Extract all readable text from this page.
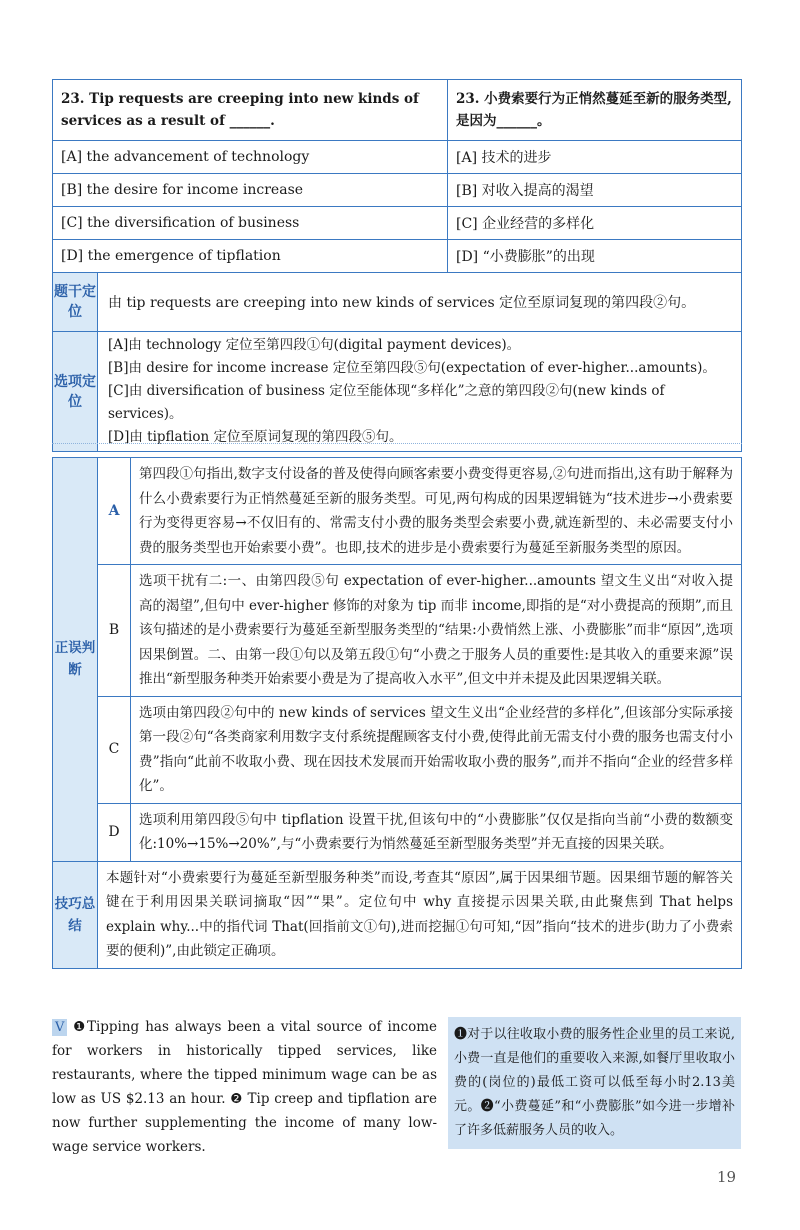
23. Tip requests are creeping into new kinds of services as a result of ______.	23. 小费索要行为正悄然蔓延至新的服务类型,是因为______。
[A] the advancement of technology	[A] 技术的进步
[B] the desire for income increase	[B] 对收入提高的渴望
[C] the diversification of business	[C] 企业经营的多样化
[D] the emergence of tipflation	[D] “小费膨胀”的出现

题干定位	由 tip requests are creeping into new kinds of services 定位至原词复现的第四段②句。

选项定位	
[A]由 technology 定位至第四段①句(digital payment devices)。
[B]由 desire for income increase 定位至第四段⑤句(expectation of ever-higher...amounts)。
[C]由 diversification of business 定位至能体现“多样化”之意的第四段②句(new kinds of services)。
[D]由 tipflation 定位至原词复现的第四段⑤句。
正误判断	A	第四段①句指出,数字支付设备的普及使得向顾客索要小费变得更容易,②句进而指出,这有助于解释为什么小费索要行为正悄然蔓延至新的服务类型。可见,两句构成的因果逻辑链为“技术进步→小费索要行为变得更容易→不仅旧有的、常需支付小费的服务类型会索要小费,就连新型的、未必需要支付小费的服务类型也开始索要小费”。也即,技术的进步是小费索要行为蔓延至新服务类型的原因。
	B	选项干扰有二:一、由第四段⑤句 expectation of ever-higher...amounts 望文生义出“对收入提高的渴望”,但句中 ever-higher 修饰的对象为 tip 而非 income,即指的是“对小费提高的预期”,而且该句描述的是小费索要行为蔓延至新型服务类型的“结果:小费悄然上涨、小费膨胀”而非“原因”,选项因果倒置。二、由第一段①句以及第五段①句“小费之于服务人员的重要性:是其收入的重要来源”误推出“新型服务种类开始索要小费是为了提高收入水平”,但文中并未提及此因果逻辑关联。
	C	选项由第四段②句中的 new kinds of services 望文生义出“企业经营的多样化”,但该部分实际承接第一段②句“各类商家利用数字支付系统提醒顾客支付小费,使得此前无需支付小费的服务也需支付小费”指向“此前不收取小费、现在因技术发展而开始需收取小费的服务”,而并不指向“企业的经营多样化”。
	D	选项利用第四段⑤句中 tipflation 设置干扰,但该句中的“小费膨胀”仅仅是指向当前“小费的数额变化:10%→15%→20%”,与“小费索要行为悄然蔓延至新型服务类型”并无直接的因果关联。
技巧总结	本题针对“小费索要行为蔓延至新型服务种类”而设,考查其“原因”,属于因果细节题。因果细节题的解答关键在于利用因果关联词摘取“因”“果”。定位句中 why 直接提示因果关联,由此聚焦到 That helps explain why...中的指代词 That(回指前文①句),进而挖掘①句可知,“因”指向“技术的进步(助力了小费索要的便利)”,由此锁定正确项。	
V ❶Tipping has always been a vital source of income for workers in historically tipped services, like restaurants, where the tipped minimum wage can be as low as US $2.13 an hour. ❷ Tip creep and tipflation are now further supplementing the income of many low-wage service workers.
❶对于以往收取小费的服务性企业里的员工来说,小费一直是他们的重要收入来源,如餐厅里收取小费的(岗位的)最低工资可以低至每小时2.13美元。❷“小费蔓延”和“小费膨胀”如今进一步增补了许多低薪服务人员的收入。
19
